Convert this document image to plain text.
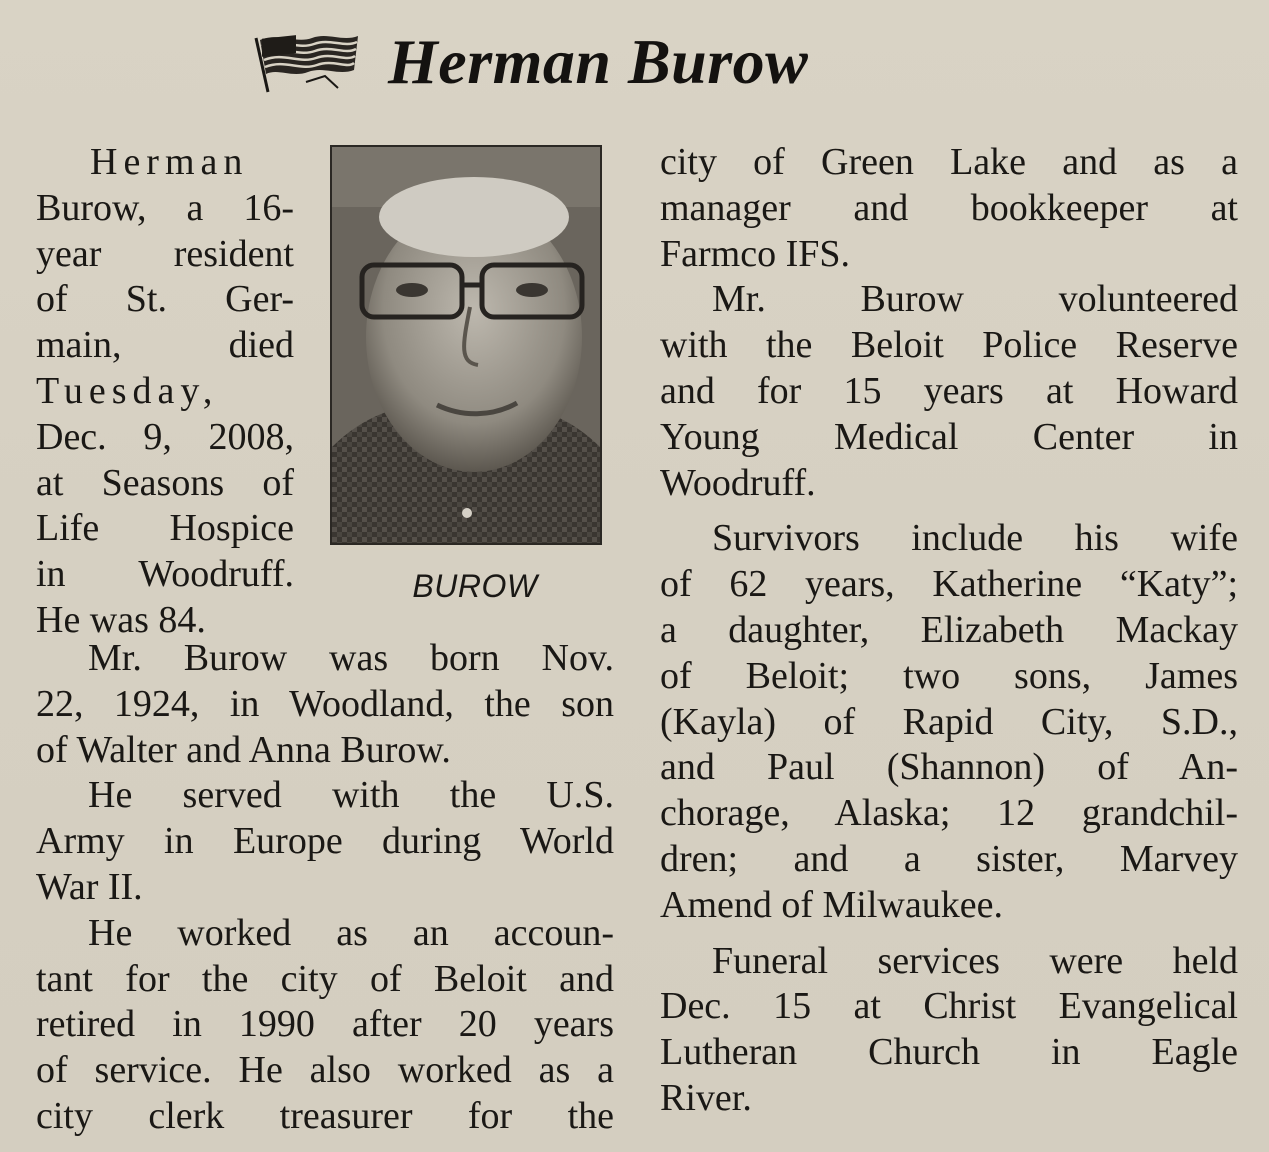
Herman Burow
Herman
Burow, a 16-
year resident
of St. Ger-
main, died
Tuesday,
Dec. 9, 2008,
at Seasons of
Life Hospice
in Woodruff.
He was 84.
BUROW
Mr. Burow was born Nov.
22, 1924, in Woodland, the son
of Walter and Anna Burow.
He served with the U.S.
Army in Europe during World
War II.
He worked as an accoun-
tant for the city of Beloit and
retired in 1990 after 20 years
of service. He also worked as a
city clerk treasurer for the
city of Green Lake and as a
manager and bookkeeper at
Farmco IFS.
Mr. Burow volunteered
with the Beloit Police Reserve
and for 15 years at Howard
Young Medical Center in
Woodruff.
Survivors include his wife
of 62 years, Katherine “Katy”;
a daughter, Elizabeth Mackay
of Beloit; two sons, James
(Kayla) of Rapid City, S.D.,
and Paul (Shannon) of An-
chorage, Alaska; 12 grandchil-
dren; and a sister, Marvey
Amend of Milwaukee.
Funeral services were held
Dec. 15 at Christ Evangelical
Lutheran Church in Eagle
River.
